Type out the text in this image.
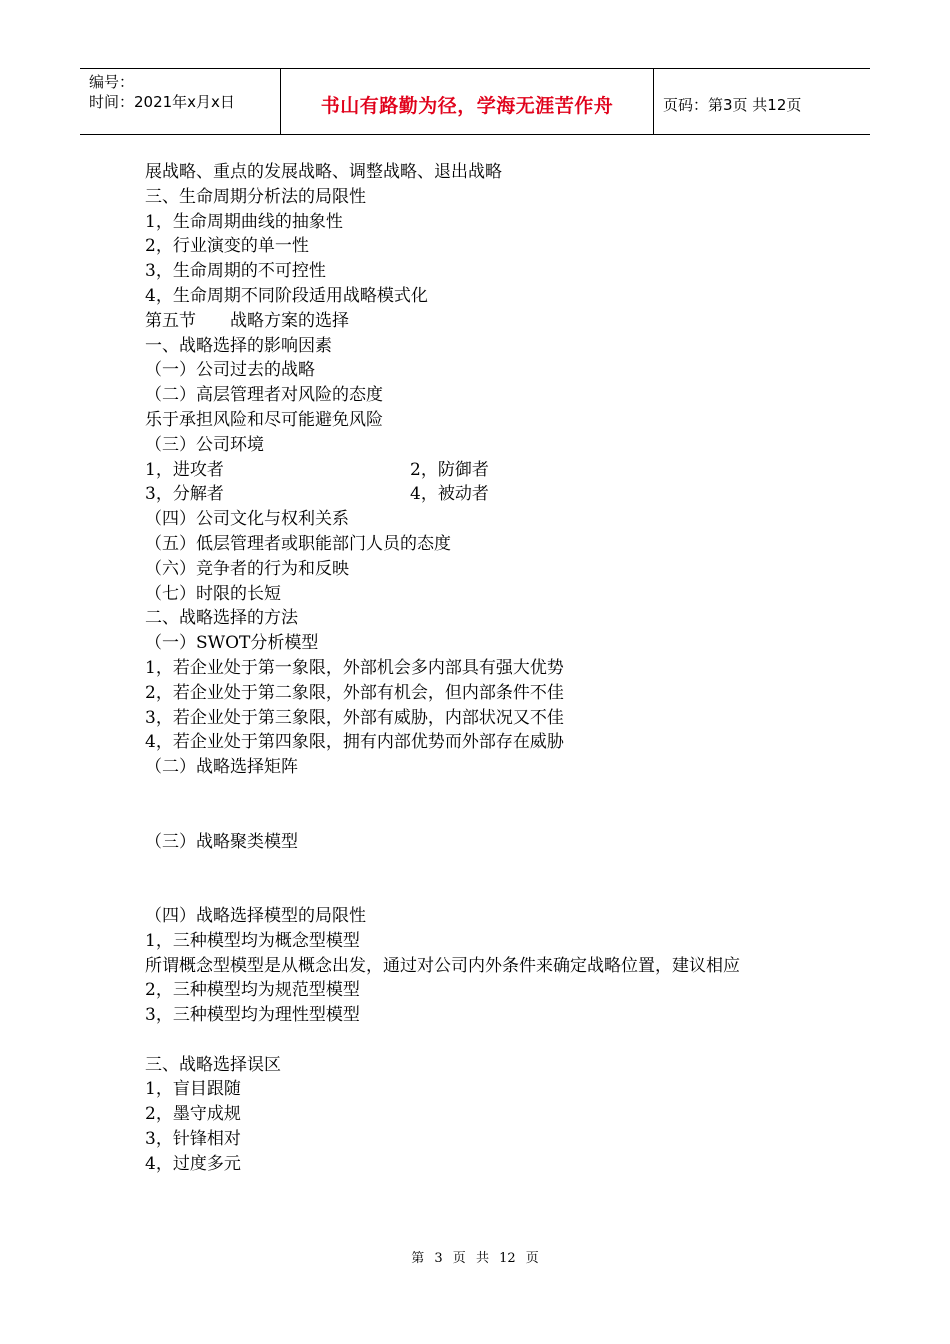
编号：
时间：2021年x月x日	书山有路勤为径，学海无涯苦作舟	页码：第3页 共12页
展战略、重点的发展战略、调整战略、退出战略
三、生命周期分析法的局限性
1，生命周期曲线的抽象性
2，行业演变的单一性
3，生命周期的不可控性
4，生命周期不同阶段适用战略模式化
第五节　　战略方案的选择
一、战略选择的影响因素
（一）公司过去的战略
（二）高层管理者对风险的态度
乐于承担风险和尽可能避免风险
（三）公司环境
1，进攻者	2，防御者
3，分解者	4，被动者
（四）公司文化与权利关系
（五）低层管理者或职能部门人员的态度
（六）竞争者的行为和反映
（七）时限的长短
二、战略选择的方法
（一）SWOT分析模型
1，若企业处于第一象限，外部机会多内部具有强大优势
2，若企业处于第二象限，外部有机会，但内部条件不佳
3，若企业处于第三象限，外部有威胁，内部状况又不佳
4，若企业处于第四象限，拥有内部优势而外部存在威胁
（二）战略选择矩阵
（三）战略聚类模型
（四）战略选择模型的局限性
1，三种模型均为概念型模型
所谓概念型模型是从概念出发，通过对公司内外条件来确定战略位置，建议相应
2，三种模型均为规范型模型
3，三种模型均为理性型模型
三、战略选择误区
1，盲目跟随
2，墨守成规
3，针锋相对
4，过度多元
第 3 页 共 12 页
